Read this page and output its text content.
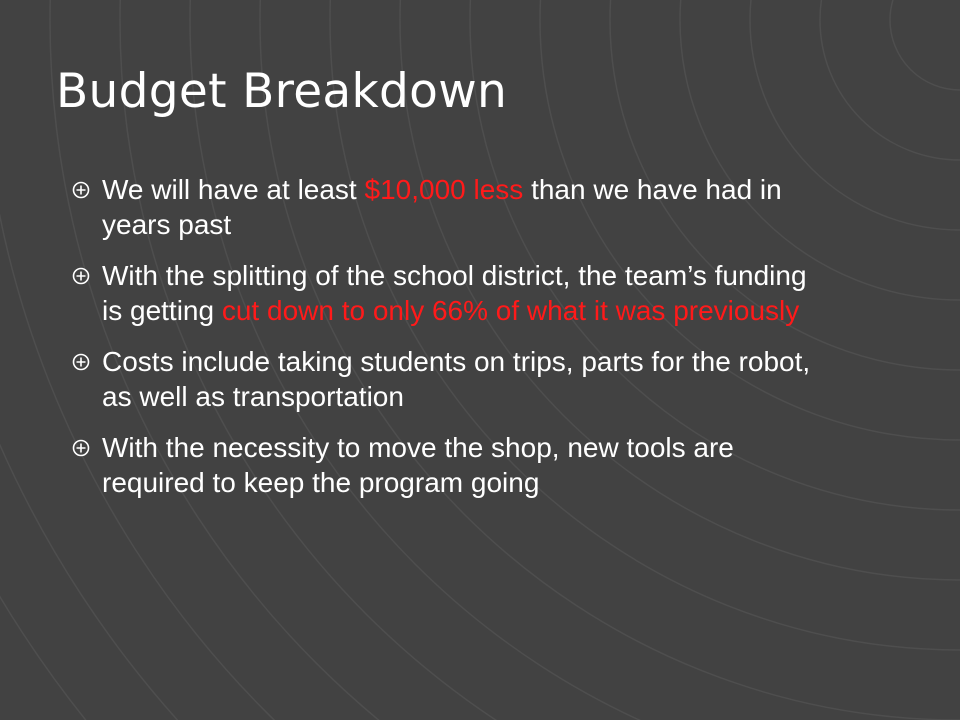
Budget Breakdown
We will have at least $10,000 less than we have had in years past
With the splitting of the school district, the team’s funding is getting cut down to only 66% of what it was previously
Costs include taking students on trips, parts for the robot, as well as transportation
With the necessity to move the shop, new tools are required to keep the program going
